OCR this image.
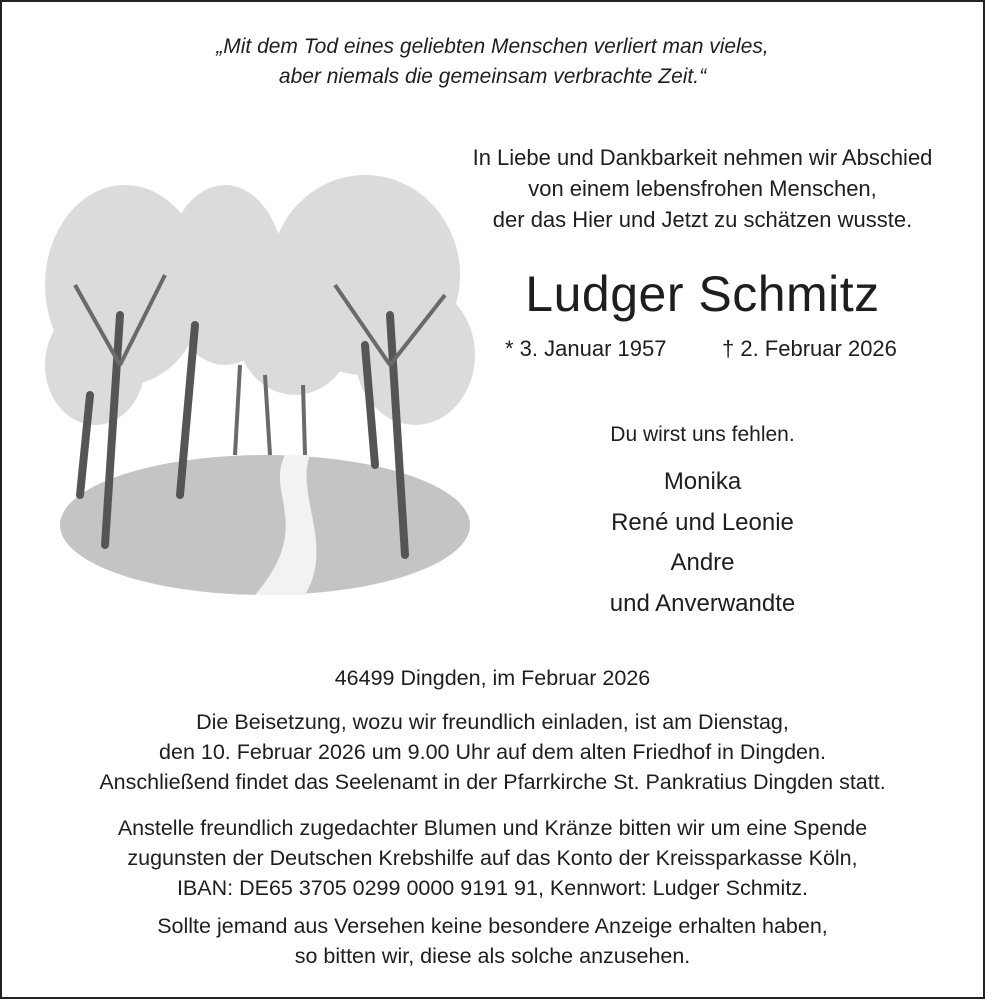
„Mit dem Tod eines geliebten Menschen verliert man vieles,
aber niemals die gemeinsam verbrachte Zeit.“
In Liebe und Dankbarkeit nehmen wir Abschied
von einem lebensfrohen Menschen,
der das Hier und Jetzt zu schätzen wusste.
Ludger Schmitz
* 3. Januar 1957	† 2. Februar 2026
Du wirst uns fehlen.
Monika
René und Leonie
Andre
und Anverwandte
46499 Dingden, im Februar 2026
Die Beisetzung, wozu wir freundlich einladen, ist am Dienstag,
den 10. Februar 2026 um 9.00 Uhr auf dem alten Friedhof in Dingden.
Anschließend findet das Seelenamt in der Pfarrkirche St. Pankratius Dingden statt.
Anstelle freundlich zugedachter Blumen und Kränze bitten wir um eine Spende
zugunsten der Deutschen Krebshilfe auf das Konto der Kreissparkasse Köln,
IBAN: DE65 3705 0299 0000 9191 91, Kennwort: Ludger Schmitz.
Sollte jemand aus Versehen keine besondere Anzeige erhalten haben,
so bitten wir, diese als solche anzusehen.
